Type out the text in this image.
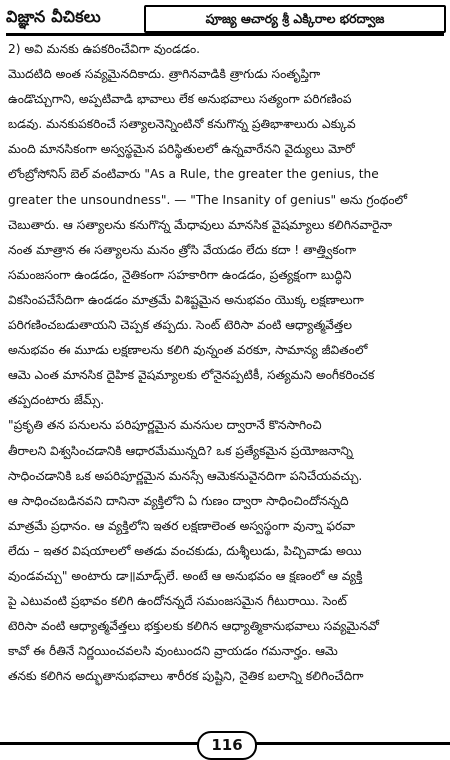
విజ్ఞాన వీచికలు	పూజ్య ఆచార్య శ్రీ ఎక్కిరాల భరద్వాజ
2) అవి మనకు ఉపకరించేవిగా వుండడం.
మొదటిది అంత సవ్యమైనదికాదు. త్రాగినవాడికి త్రాగుడు సంతృప్తిగా
ఉండొచ్చుగాని, అప్పటివాడి భావాలు లేక అనుభవాలు సత్యంగా పరిగణింప
బడవు. మనకుపకరించే సత్యాలనెన్నింటినో కనుగొన్న ప్రతిభాశాలురు ఎక్కువ
మంది మానసికంగా అస్వస్థమైన పరిస్థితులలో ఉన్నవారేనని వైద్యులు మోరో
లోంబ్రోసోనిస్ బెల్ వంటివారు "As a Rule, the greater the genius, the
greater the unsoundness". — "The Insanity of genius" అను గ్రంథంలో
చెబుతారు. ఆ సత్యాలను కనుగొన్న మేధావులు మానసిక వైషమ్యాలు కలిగినవారైనా
నంత మాత్రాన ఈ సత్యాలను మనం త్రోసి వేయడం లేదు కదా ! తాత్త్వికంగా
సమంజసంగా ఉండడం, నైతికంగా సహకారిగా ఉండడం, ప్రత్యక్షంగా బుద్ధిని
వికసింపచేసేదిగా ఉండడం మాత్రమే విశిష్టమైన అనుభవం యొక్క లక్షణాలుగా
పరిగణించబడుతాయని చెప్పక తప్పదు. సెంట్ టెరిసా వంటి ఆధ్యాత్మవేత్తల
అనుభవం ఈ మూడు లక్షణాలను కలిగి వున్నంత వరకూ, సామాన్య జీవితంలో
ఆమె ఎంత మానసిక దైహిక వైషమ్యాలకు లోనైనప్పటికీ, సత్యమని అంగీకరించక
తప్పదంటారు జేమ్స్.
"ప్రకృతి తన పనులను పరిపూర్ణమైన మనసుల ద్వారానే కొనసాగించి
తీరాలని విశ్వసించడానికి ఆధారమేమున్నది? ఒక ప్రత్యేకమైన ప్రయోజనాన్ని
సాధించడానికి ఒక అపరిపూర్ణమైన మనస్సే ఆమెకనువైనదిగా పనిచేయవచ్చు.
ఆ సాధించబడినవని దానినా వ్యక్తిలోని ఏ గుణం ద్వారా సాధించిందోనన్నది
మాత్రమే ప్రధానం. ఆ వ్యక్తిలోని ఇతర లక్షణాలెంత అస్వస్థంగా వున్నా ఫరవా
లేదు – ఇతర విషయాలలో అతడు వంచకుడు, దుశ్శీలుడు, పిచ్చివాడు అయి
వుండవచ్చు" అంటారు డా॥మాడ్స్‌లే. అంటే ఆ అనుభవం ఆ క్షణంలో ఆ వ్యక్తి
పై ఎటువంటి ప్రభావం కలిగి ఉందోనన్నదే సమంజసమైన గీటురాయి. సెంట్
టెరిసా వంటి ఆధ్యాత్మవేత్తలు భక్తులకు కలిగిన ఆధ్యాత్మికానుభవాలు సవ్యమైనవో
కావో ఈ రీతినే నిర్ణయించవలసి వుంటుందని వ్రాయడం గమనార్హం. ఆమె
తనకు కలిగిన అద్భుతానుభవాలు శారీరక పుష్టిని, నైతిక బలాన్ని కలిగించేదిగా
116
